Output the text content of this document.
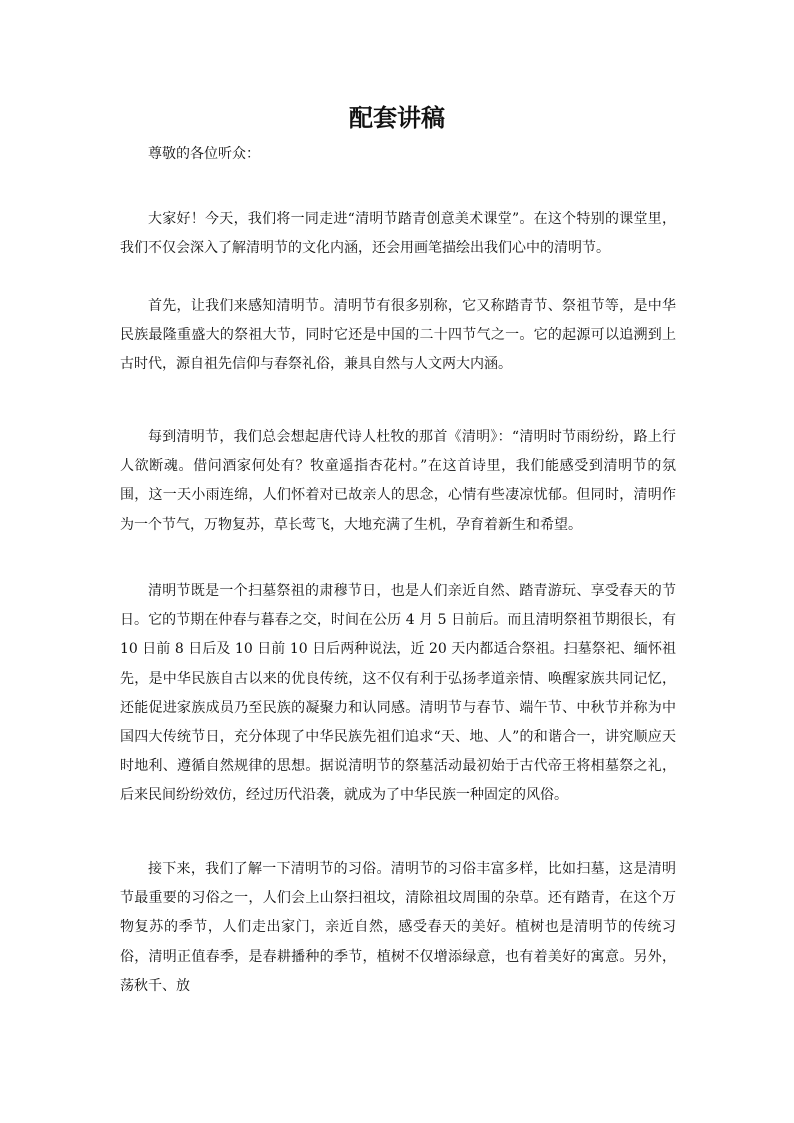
配套讲稿

尊敬的各位听众：

大家好！今天，我们将一同走进“清明节踏青创意美术课堂”。在这个特别的课堂里，我们不仅会深入了解清明节的文化内涵，还会用画笔描绘出我们心中的清明节。

首先，让我们来感知清明节。清明节有很多别称，它又称踏青节、祭祖节等，是中华民族最隆重盛大的祭祖大节，同时它还是中国的二十四节气之一。它的起源可以追溯到上古时代，源自祖先信仰与春祭礼俗，兼具自然与人文两大内涵。

每到清明节，我们总会想起唐代诗人杜牧的那首《清明》：“清明时节雨纷纷，路上行人欲断魂。借问酒家何处有？牧童遥指杏花村。”在这首诗里，我们能感受到清明节的氛围，这一天小雨连绵，人们怀着对已故亲人的思念，心情有些凄凉忧郁。但同时，清明作为一个节气，万物复苏，草长莺飞，大地充满了生机，孕育着新生和希望。

清明节既是一个扫墓祭祖的肃穆节日，也是人们亲近自然、踏青游玩、享受春天的节日。它的节期在仲春与暮春之交，时间在公历 4 月 5 日前后。而且清明祭祖节期很长，有 10 日前 8 日后及 10 日前 10 日后两种说法，近 20 天内都适合祭祖。扫墓祭祀、缅怀祖先，是中华民族自古以来的优良传统，这不仅有利于弘扬孝道亲情、唤醒家族共同记忆，还能促进家族成员乃至民族的凝聚力和认同感。清明节与春节、端午节、中秋节并称为中国四大传统节日，充分体现了中华民族先祖们追求“天、地、人”的和谐合一，讲究顺应天时地利、遵循自然规律的思想。据说清明节的祭墓活动最初始于古代帝王将相墓祭之礼，后来民间纷纷效仿，经过历代沿袭，就成为了中华民族一种固定的风俗。

接下来，我们了解一下清明节的习俗。清明节的习俗丰富多样，比如扫墓，这是清明节最重要的习俗之一，人们会上山祭扫祖坟，清除祖坟周围的杂草。还有踏青，在这个万物复苏的季节，人们走出家门，亲近自然，感受春天的美好。植树也是清明节的传统习俗，清明正值春季，是春耕播种的季节，植树不仅增添绿意，也有着美好的寓意。另外，荡秋千、放
